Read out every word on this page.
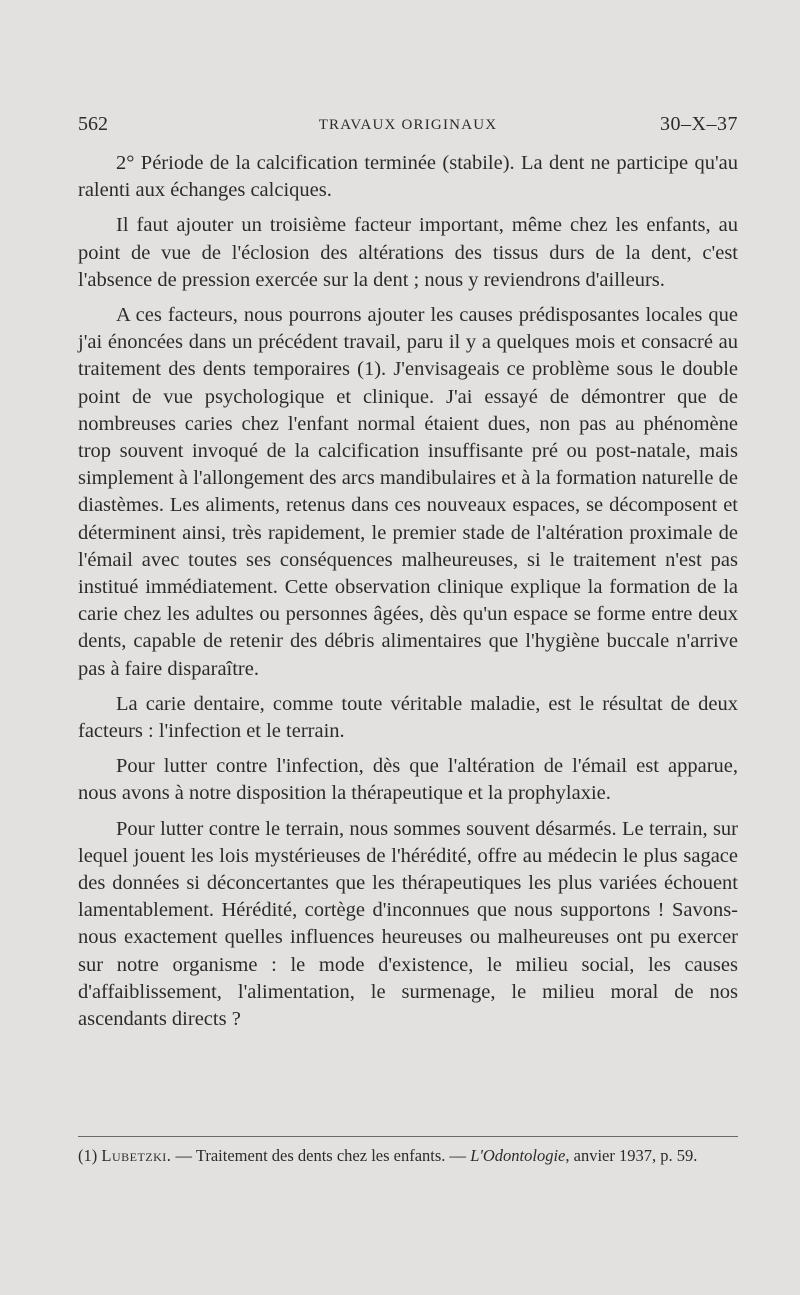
562	TRAVAUX ORIGINAUX	30–X–37

2° Période de la calcification terminée (stabile). La dent ne participe qu'au ralenti aux échanges calciques.

Il faut ajouter un troisième facteur important, même chez les enfants, au point de vue de l'éclosion des altérations des tissus durs de la dent, c'est l'absence de pression exercée sur la dent ; nous y reviendrons d'ailleurs.

A ces facteurs, nous pourrons ajouter les causes prédisposantes locales que j'ai énoncées dans un précédent travail, paru il y a quelques mois et consacré au traitement des dents temporaires (1). J'envisageais ce problème sous le double point de vue psychologique et clinique. J'ai essayé de démontrer que de nombreuses caries chez l'enfant normal étaient dues, non pas au phénomène trop souvent invoqué de la calcification insuffisante pré ou post-natale, mais simplement à l'allongement des arcs mandibulaires et à la formation naturelle de diastèmes. Les aliments, retenus dans ces nouveaux espaces, se décomposent et déterminent ainsi, très rapidement, le premier stade de l'altération proximale de l'émail avec toutes ses conséquences malheureuses, si le traitement n'est pas institué immédiatement. Cette observation clinique explique la formation de la carie chez les adultes ou personnes âgées, dès qu'un espace se forme entre deux dents, capable de retenir des débris alimentaires que l'hygiène buccale n'arrive pas à faire disparaître.

La carie dentaire, comme toute véritable maladie, est le résultat de deux facteurs : l'infection et le terrain.

Pour lutter contre l'infection, dès que l'altération de l'émail est apparue, nous avons à notre disposition la thérapeutique et la prophylaxie.

Pour lutter contre le terrain, nous sommes souvent désarmés. Le terrain, sur lequel jouent les lois mystérieuses de l'hérédité, offre au médecin le plus sagace des données si déconcertantes que les thérapeutiques les plus variées échouent lamentablement. Hérédité, cortège d'inconnues que nous supportons ! Savons-nous exactement quelles influences heureuses ou malheureuses ont pu exercer sur notre organisme : le mode d'existence, le milieu social, les causes d'affaiblissement, l'alimentation, le surmenage, le milieu moral de nos ascendants directs ?

(1) Lubetzki. — Traitement des dents chez les enfants. — L'Odontologie, anvier 1937, p. 59.
